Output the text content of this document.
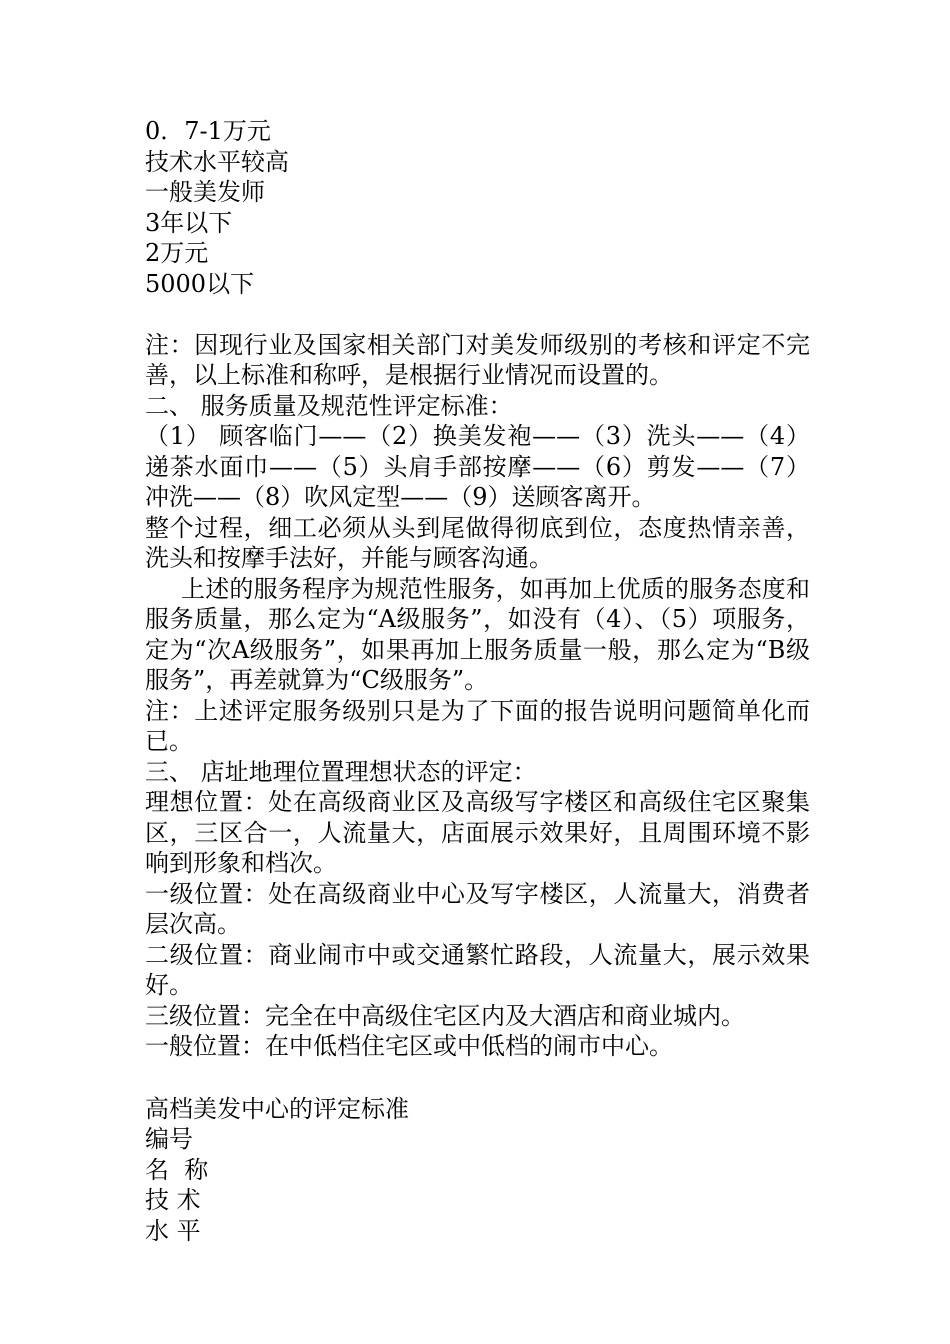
0．7-1万元
技术水平较高
一般美发师
3年以下
2万元
5000以下
注：因现行业及国家相关部门对美发师级别的考核和评定不完善，以上标准和称呼，是根据行业情况而设置的。
二、 服务质量及规范性评定标准：
（1） 顾客临门——（2）换美发袍——（3）洗头——（4）递茶水面巾——（5）头肩手部按摩——（6）剪发——（7）冲洗——（8）吹风定型——（9）送顾客离开。
整个过程，细工必须从头到尾做得彻底到位，态度热情亲善，洗头和按摩手法好，并能与顾客沟通。
上述的服务程序为规范性服务，如再加上优质的服务态度和服务质量，那么定为“A级服务”，如没有（4）、（5）项服务，定为“次A级服务”，如果再加上服务质量一般，那么定为“B级服务”，再差就算为“C级服务”。
注：上述评定服务级别只是为了下面的报告说明问题简单化而已。
三、 店址地理位置理想状态的评定：
理想位置：处在高级商业区及高级写字楼区和高级住宅区聚集区，三区合一，人流量大，店面展示效果好，且周围环境不影响到形象和档次。
一级位置：处在高级商业中心及写字楼区，人流量大，消费者层次高。
二级位置：商业闹市中或交通繁忙路段，人流量大，展示效果好。
三级位置：完全在中高级住宅区内及大酒店和商业城内。
一般位置：在中低档住宅区或中低档的闹市中心。
高档美发中心的评定标准
编号
名  称
技 术
水 平
